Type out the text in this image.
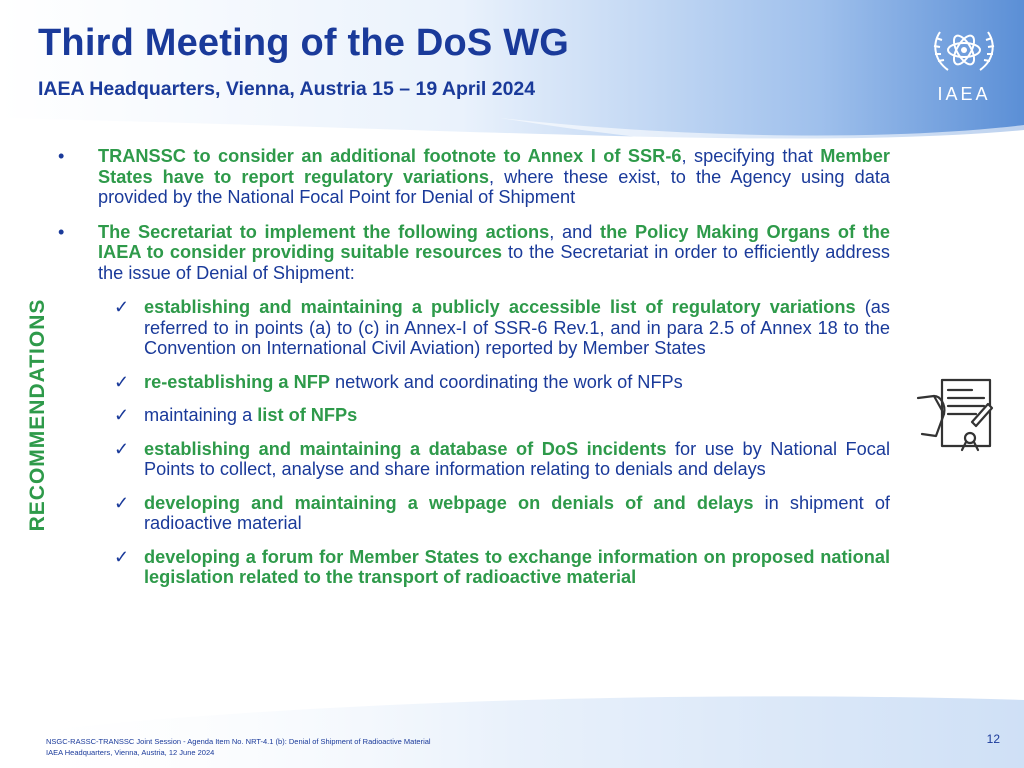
Third Meeting of the DoS WG
IAEA Headquarters, Vienna, Austria 15 – 19 April 2024	IAEA
RECOMMENDATIONS
• TRANSSC to consider an additional footnote to Annex I of SSR-6, specifying that Member States have to report regulatory variations, where these exist, to the Agency using data provided by the National Focal Point for Denial of Shipment
• The Secretariat to implement the following actions, and the Policy Making Organs of the IAEA to consider providing suitable resources to the Secretariat in order to efficiently address the issue of Denial of Shipment:
✓ establishing and maintaining a publicly accessible list of regulatory variations (as referred to in points (a) to (c) in Annex-I of SSR-6 Rev.1, and in para 2.5 of Annex 18 to the Convention on International Civil Aviation) reported by Member States
✓ re-establishing a NFP network and coordinating the work of NFPs
✓ maintaining a list of NFPs
✓ establishing and maintaining a database of DoS incidents for use by National Focal Points to collect, analyse and share information relating to denials and delays
✓ developing and maintaining a webpage on denials of and delays in shipment of radioactive material
✓ developing a forum for Member States to exchange information on proposed national legislation related to the transport of radioactive material
NSGC-RASSC-TRANSSC Joint Session - Agenda Item No. NRT-4.1 (b): Denial of Shipment of Radioactive Material
IAEA Headquarters, Vienna, Austria, 12 June 2024
12
